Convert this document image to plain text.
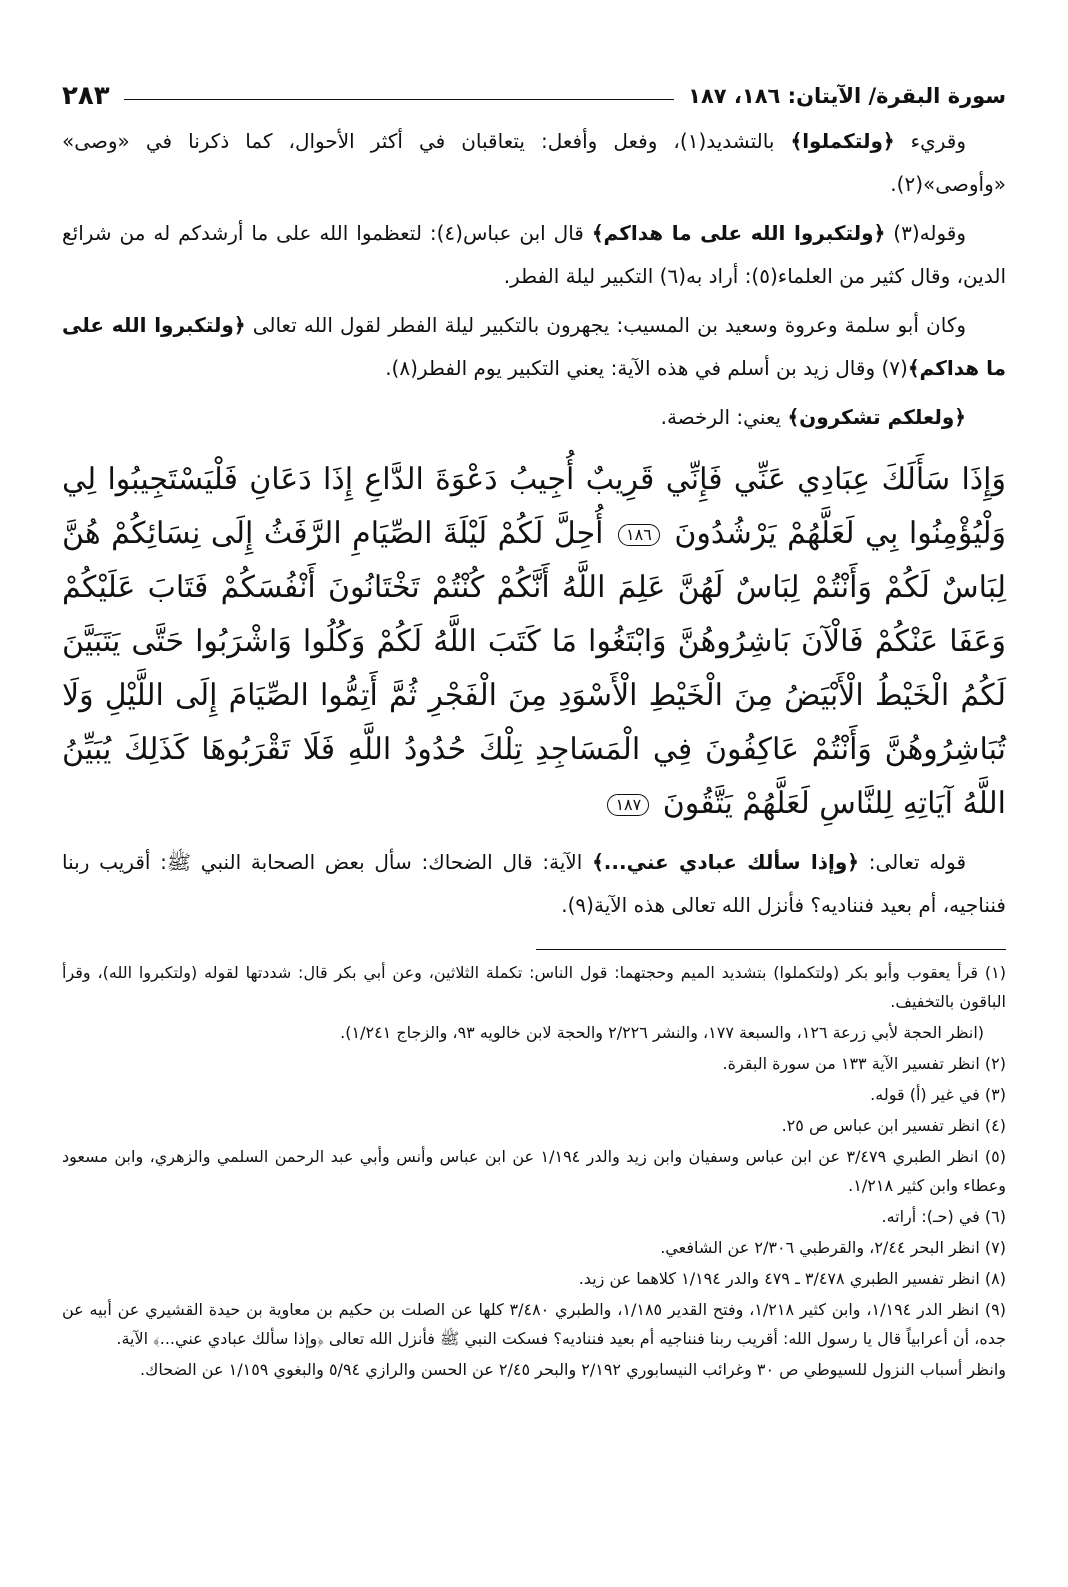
سورة البقرة/ الآيتان: ١٨٦، ١٨٧
٢٨٣

وقريء ﴿ولتكملوا﴾ بالتشديد(١)، وفعل وأفعل: يتعاقبان في أكثر الأحوال، كما ذكرنا في «وصى» «وأوصى»(٢).

وقوله(٣) ﴿ولتكبروا الله على ما هداكم﴾ قال ابن عباس(٤): لتعظموا الله على ما أرشدكم له من شرائع الدين، وقال كثير من العلماء(٥): أراد به(٦) التكبير ليلة الفطر.

وكان أبو سلمة وعروة وسعيد بن المسيب: يجهرون بالتكبير ليلة الفطر لقول الله تعالى ﴿ولتكبروا الله على ما هداكم﴾(٧) وقال زيد بن أسلم في هذه الآية: يعني التكبير يوم الفطر(٨).

﴿ولعلكم تشكرون﴾ يعني: الرخصة.

وَإِذَا سَأَلَكَ عِبَادِي عَنِّي فَإِنِّي قَرِيبٌ أُجِيبُ دَعْوَةَ الدَّاعِ إِذَا دَعَانِ فَلْيَسْتَجِيبُوا لِي وَلْيُؤْمِنُوا بِي لَعَلَّهُمْ يَرْشُدُونَ ١٨٦ أُحِلَّ لَكُمْ لَيْلَةَ الصِّيَامِ الرَّفَثُ إِلَى نِسَائِكُمْ هُنَّ لِبَاسٌ لَكُمْ وَأَنْتُمْ لِبَاسٌ لَهُنَّ عَلِمَ اللَّهُ أَنَّكُمْ كُنْتُمْ تَخْتَانُونَ أَنْفُسَكُمْ فَتَابَ عَلَيْكُمْ وَعَفَا عَنْكُمْ فَالْآنَ بَاشِرُوهُنَّ وَابْتَغُوا مَا كَتَبَ اللَّهُ لَكُمْ وَكُلُوا وَاشْرَبُوا حَتَّى يَتَبَيَّنَ لَكُمُ الْخَيْطُ الْأَبْيَضُ مِنَ الْخَيْطِ الْأَسْوَدِ مِنَ الْفَجْرِ ثُمَّ أَتِمُّوا الصِّيَامَ إِلَى اللَّيْلِ وَلَا تُبَاشِرُوهُنَّ وَأَنْتُمْ عَاكِفُونَ فِي الْمَسَاجِدِ تِلْكَ حُدُودُ اللَّهِ فَلَا تَقْرَبُوهَا كَذَلِكَ يُبَيِّنُ اللَّهُ آيَاتِهِ لِلنَّاسِ لَعَلَّهُمْ يَتَّقُونَ ١٨٧

قوله تعالى: ﴿وإذا سألك عبادي عني...﴾ الآية: قال الضحاك: سأل بعض الصحابة النبي ﷺ: أقريب ربنا فنناجيه، أم بعيد فنناديه؟ فأنزل الله تعالى هذه الآية(٩).

(١) قرأ يعقوب وأبو بكر (ولتكملوا) بتشديد الميم وحجتهما: قول الناس: تكملة الثلاثين، وعن أبي بكر قال: شددتها لقوله (ولتكبروا الله)، وقرأ الباقون بالتخفيف.

(انظر الحجة لأبي زرعة ١٢٦، والسبعة ١٧٧، والنشر ٢/٢٢٦ والحجة لابن خالويه ٩٣، والزجاج ١/٢٤١).

(٢) انظر تفسير الآية ١٣٣ من سورة البقرة.

(٣) في غير (أ) قوله.

(٤) انظر تفسير ابن عباس ص ٢٥.

(٥) انظر الطبري ٣/٤٧٩ عن ابن عباس وسفيان وابن زيد والدر ١/١٩٤ عن ابن عباس وأنس وأبي عبد الرحمن السلمي والزهري، وابن مسعود وعطاء وابن كثير ١/٢١٨.

(٦) في (حـ): أراته.

(٧) انظر البحر ٢/٤٤، والقرطبي ٢/٣٠٦ عن الشافعي.

(٨) انظر تفسير الطبري ٣/٤٧٨ ـ ٤٧٩ والدر ١/١٩٤ كلاهما عن زيد.

(٩) انظر الدر ١/١٩٤، وابن كثير ١/٢١٨، وفتح القدير ١/١٨٥، والطبري ٣/٤٨٠ كلها عن الصلت بن حكيم بن معاوية بن حيدة القشيري عن أبيه عن جده، أن أعرابياً قال يا رسول الله: أقريب ربنا فنناجيه أم بعيد فنناديه؟ فسكت النبي ﷺ فأنزل الله تعالى ﴿وإذا سألك عبادي عني...﴾ الآية.

وانظر أسباب النزول للسيوطي ص ٣٠ وغرائب النيسابوري ٢/١٩٢ والبحر ٢/٤٥ عن الحسن والرازي ٥/٩٤ والبغوي ١/١٥٩ عن الضحاك.
